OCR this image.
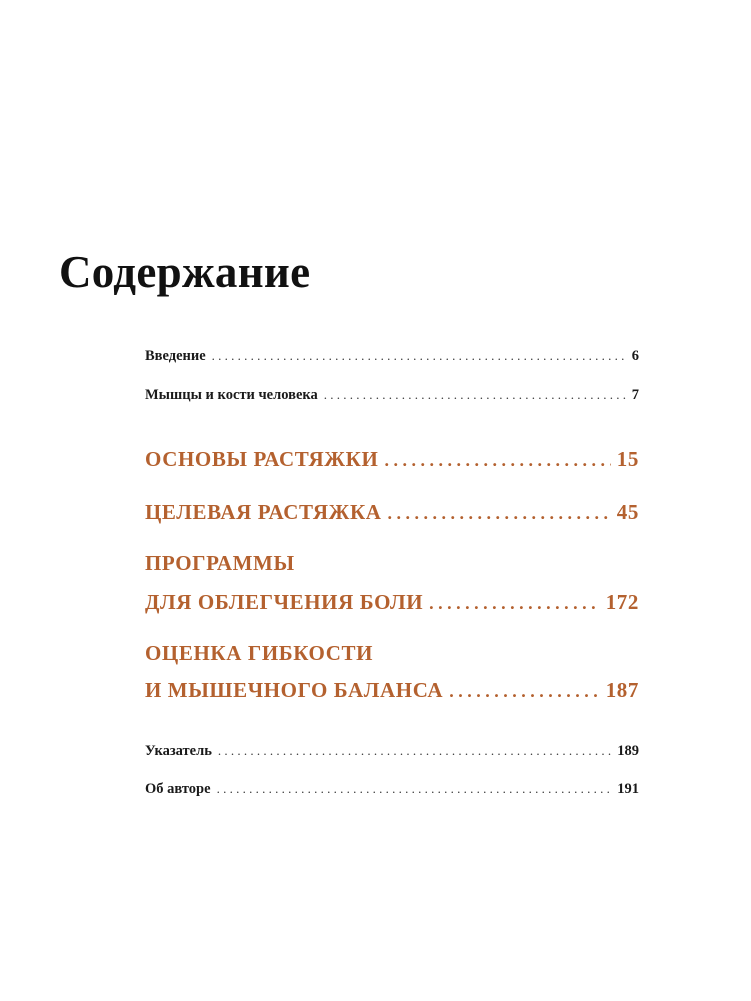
Содержание
Введение . . .	6
Мышцы и кости человека . . .	7
ОСНОВЫ РАСТЯЖКИ . . .	15
ЦЕЛЕВАЯ РАСТЯЖКА . . .	45
ПРОГРАММЫ
ДЛЯ ОБЛЕГЧЕНИЯ БОЛИ . . .	172
ОЦЕНКА ГИБКОСТИ
И МЫШЕЧНОГО БАЛАНСА . . .	187
Указатель . . .	189
Об авторе . . .	191
